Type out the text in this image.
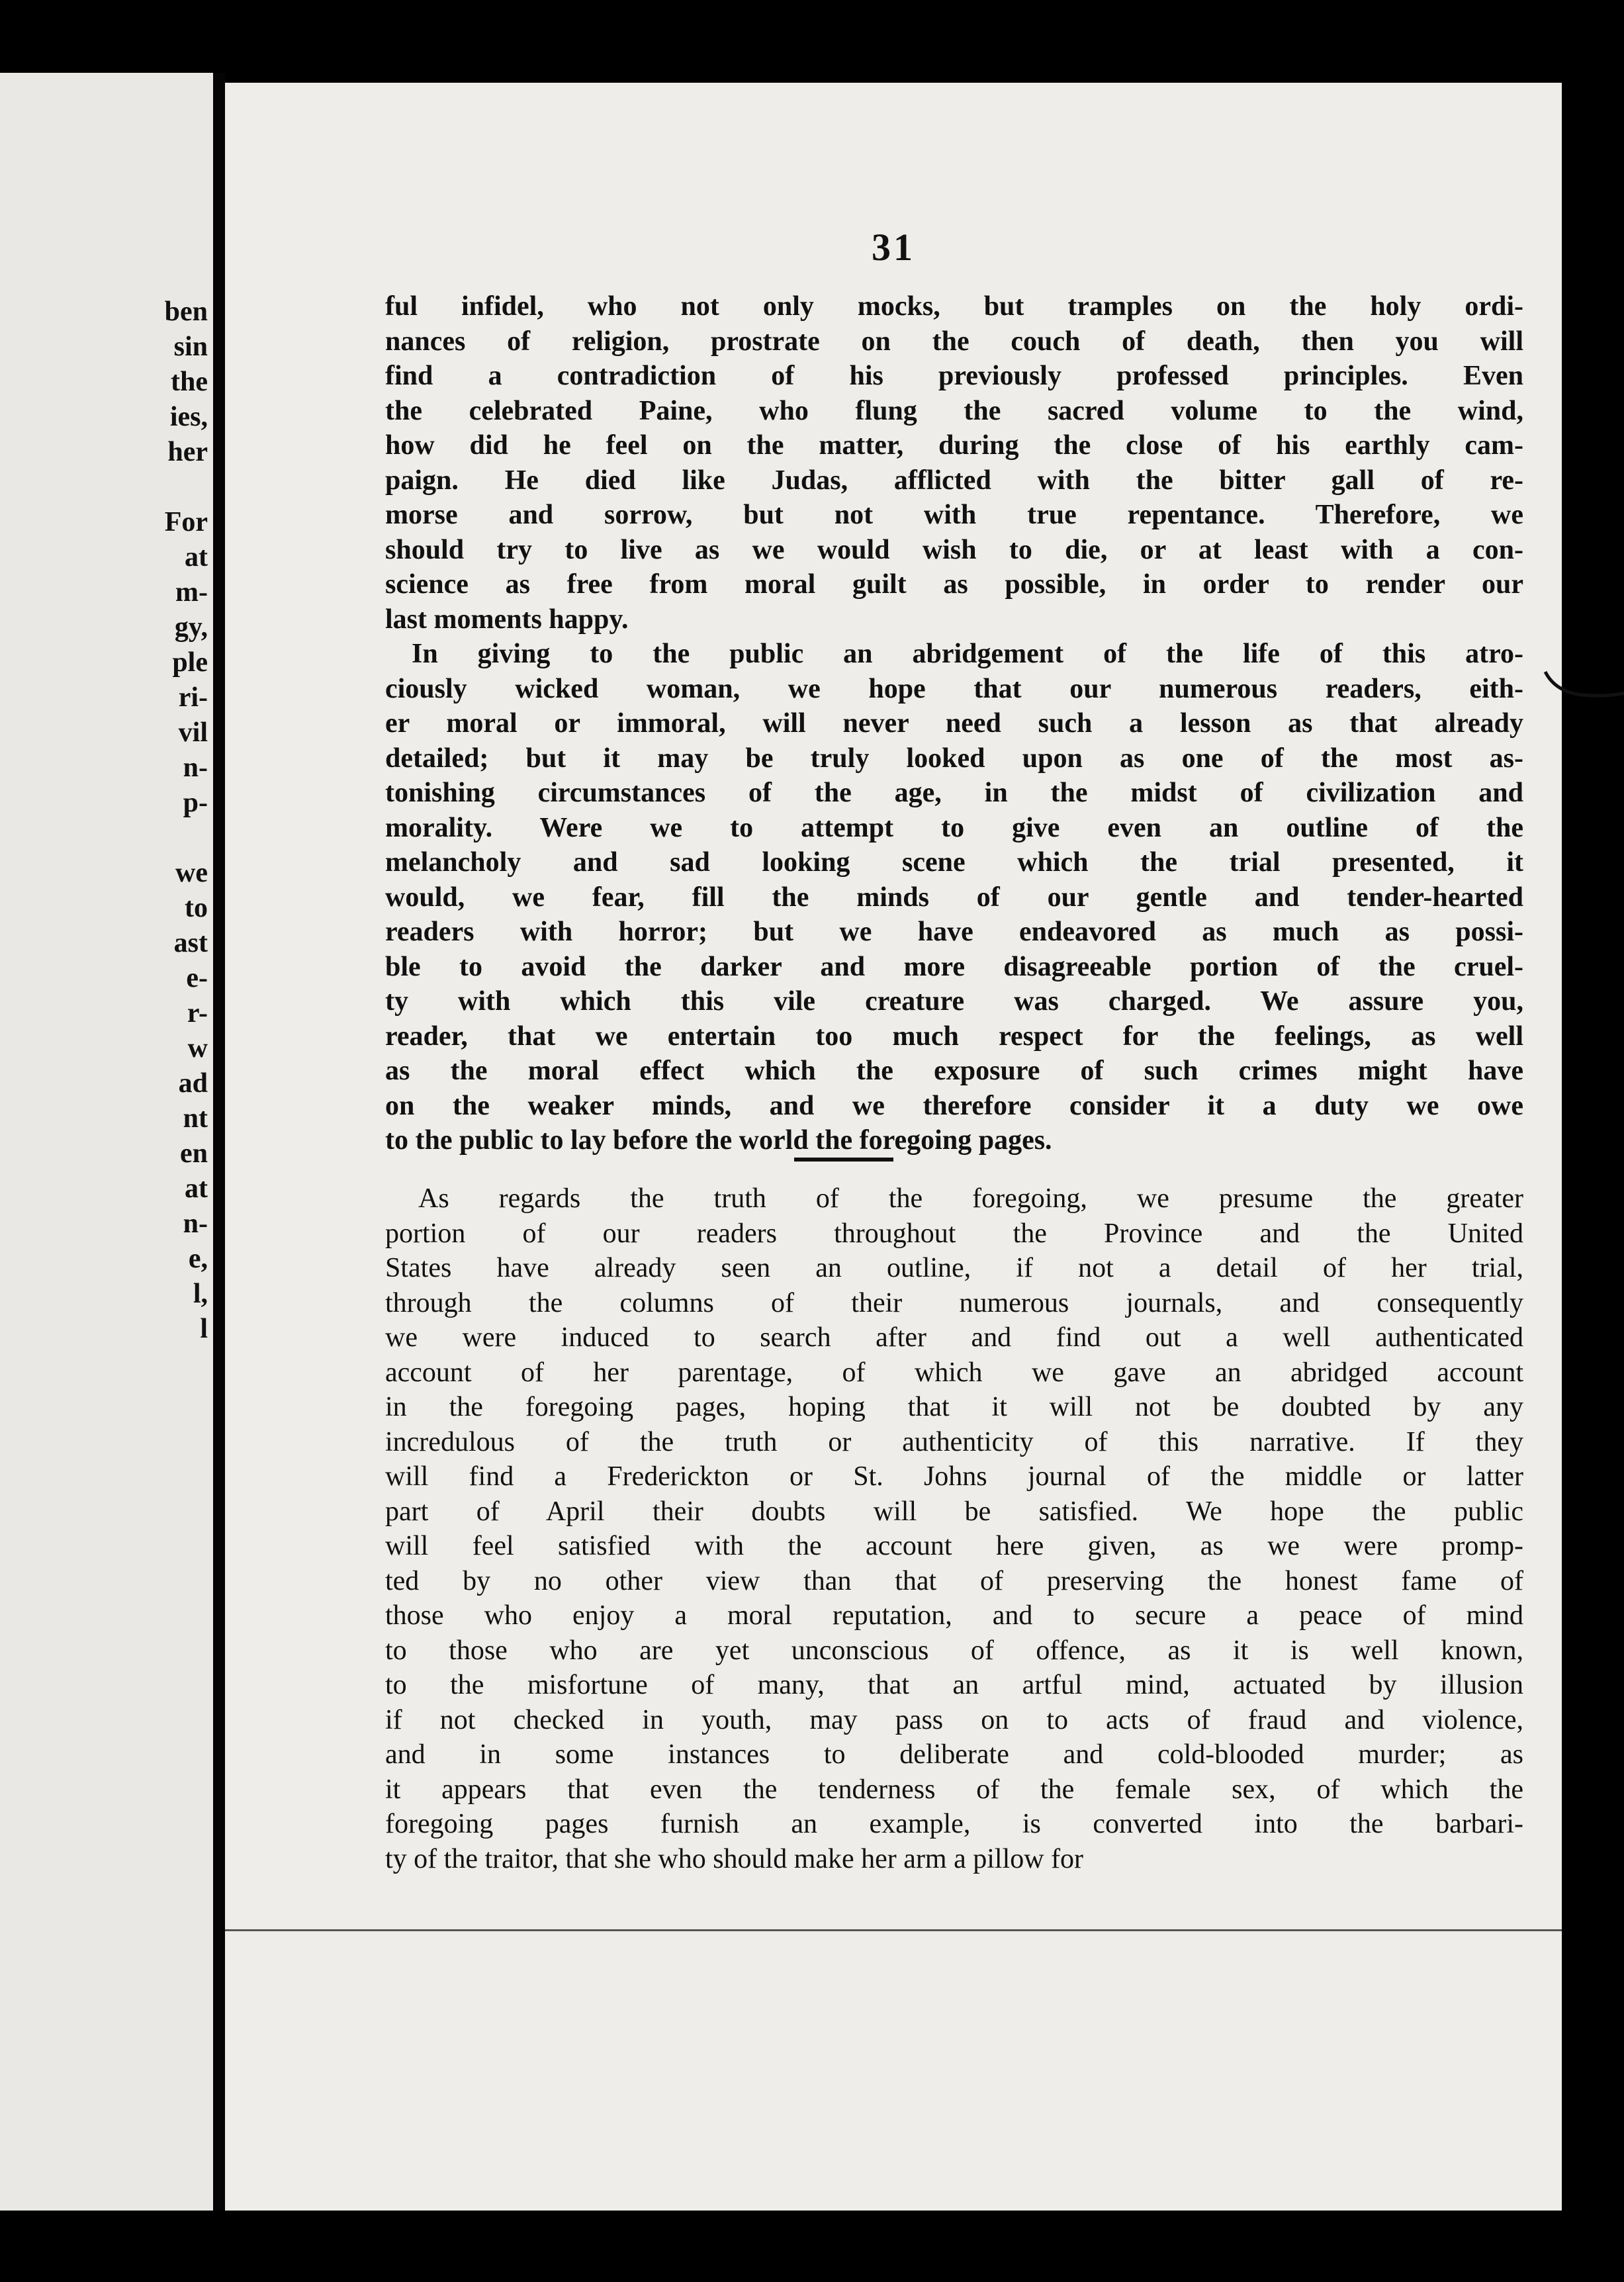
ben
sin
the
ies,
her

For
at
m-
gy,
ple
ri-
vil
n-
p-

we
to
ast
e-
r-
w
ad
nt
en
at
n-
e,
l,
l
31
ful infidel, who not only mocks, but tramples on the holy ordi-
nances of religion, prostrate on the couch of death, then you will
find a contradiction of his previously professed principles. Even
the celebrated Paine, who flung the sacred volume to the wind,
how did he feel on the matter, during the close of his earthly cam-
paign. He died like Judas, afflicted with the bitter gall of re-
morse and sorrow, but not with true repentance. Therefore, we
should try to live as we would wish to die, or at least with a con-
science as free from moral guilt as possible, in order to render our
last moments happy.
In giving to the public an abridgement of the life of this atro-
ciously wicked woman, we hope that our numerous readers, eith-
er moral or immoral, will never need such a lesson as that already
detailed; but it may be truly looked upon as one of the most as-
tonishing circumstances of the age, in the midst of civilization and
morality. Were we to attempt to give even an outline of the
melancholy and sad looking scene which the trial presented, it
would, we fear, fill the minds of our gentle and tender-hearted
readers with horror; but we have endeavored as much as possi-
ble to avoid the darker and more disagreeable portion of the cruel-
ty with which this vile creature was charged. We assure you,
reader, that we entertain too much respect for the feelings, as well
as the moral effect which the exposure of such crimes might have
on the weaker minds, and we therefore consider it a duty we owe
to the public to lay before the world the foregoing pages.
As regards the truth of the foregoing, we presume the greater
portion of our readers throughout the Province and the United
States have already seen an outline, if not a detail of her trial,
through the columns of their numerous journals, and consequently
we were induced to search after and find out a well authenticated
account of her parentage, of which we gave an abridged account
in the foregoing pages, hoping that it will not be doubted by any
incredulous of the truth or authenticity of this narrative. If they
will find a Frederickton or St. Johns journal of the middle or latter
part of April their doubts will be satisfied. We hope the public
will feel satisfied with the account here given, as we were promp-
ted by no other view than that of preserving the honest fame of
those who enjoy a moral reputation, and to secure a peace of mind
to those who are yet unconscious of offence, as it is well known,
to the misfortune of many, that an artful mind, actuated by illusion
if not checked in youth, may pass on to acts of fraud and violence,
and in some instances to deliberate and cold-blooded murder; as
it appears that even the tenderness of the female sex, of which the
foregoing pages furnish an example, is converted into the barbari-
ty of the traitor, that she who should make her arm a pillow for
